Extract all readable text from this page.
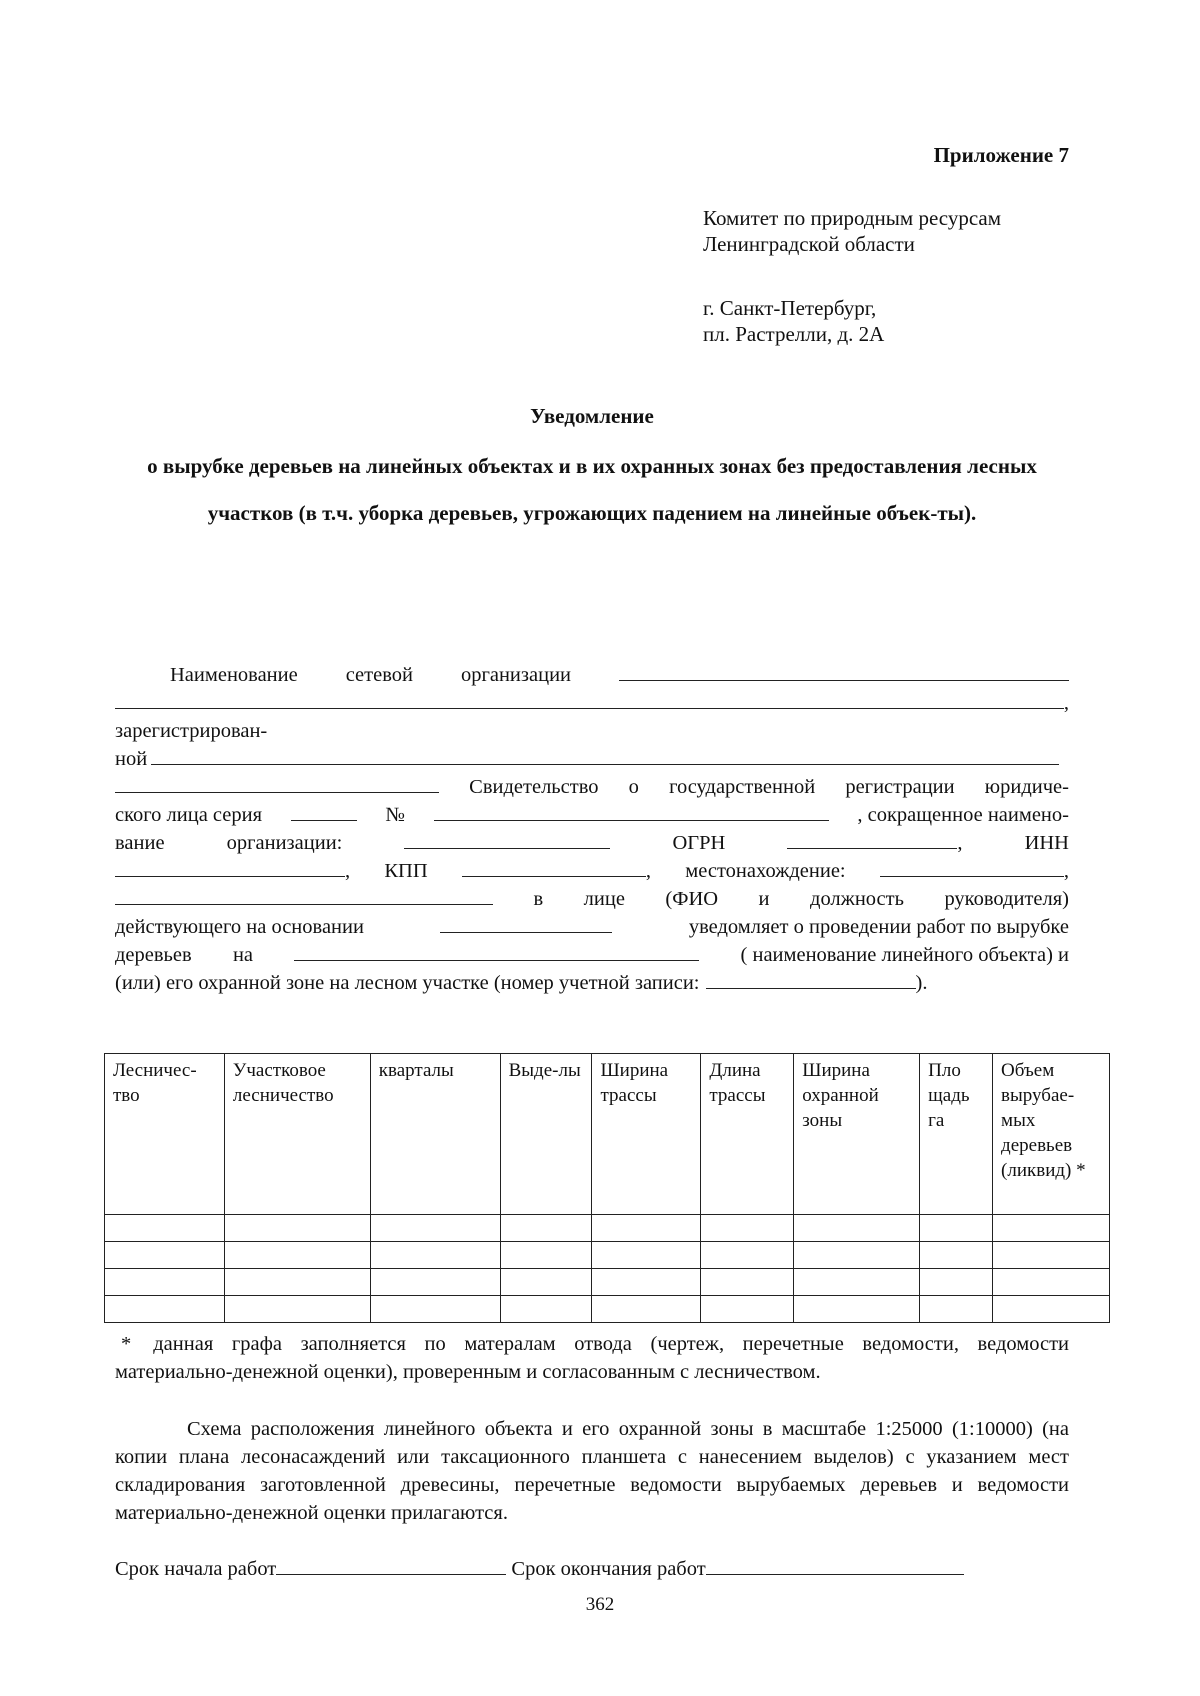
Приложение 7
Комитет по природным ресурсам
Ленинградской области
г. Санкт-Петербург,
пл. Растрелли, д. 2А
Уведомление
о вырубке деревьев на линейных объектах и в их охранных зонах без предоставления лесных участков (в т.ч. уборка деревьев, угрожающих падением на линейные объек-ты).
Наименование сетевой организации
,
зарегистрирован-
ной
Свидетельство о государственной регистрации юридиче-
ского лица серия	№	, сокращенное наимено-
вание	организации:	ОГРН	,	ИНН
, КПП	, местонахождение:	,
в лице (ФИО и должность руководителя)
действующего на основании	уведомляет о проведении работ по вырубке
деревьев на	( наименование линейного объекта) и
(или) его охранной зоне на лесном участке (номер учетной записи:	).
Лесничес-тво	Участковое лесничество	кварталы	Выде-лы	Ширина трассы	Длина трассы	Ширина охранной зоны	Пло щадь га	Объем вырубае-мых деревьев (ликвид) *

* данная графа заполняется по матералам отвода (чертеж, перечетные ведомости, ведомости материально-денежной оценки), проверенным и согласованным с лесничеством.
Схема расположения линейного объекта и его охранной зоны в масштабе 1:25000 (1:10000) (на копии плана лесонасаждений или таксационного планшета с нанесением выделов) с указанием мест складирования заготовленной древесины, перечетные ведомости вырубаемых деревьев и ведомости материально-денежной оценки прилагаются.
Срок начала работ	Срок окончания работ
362
